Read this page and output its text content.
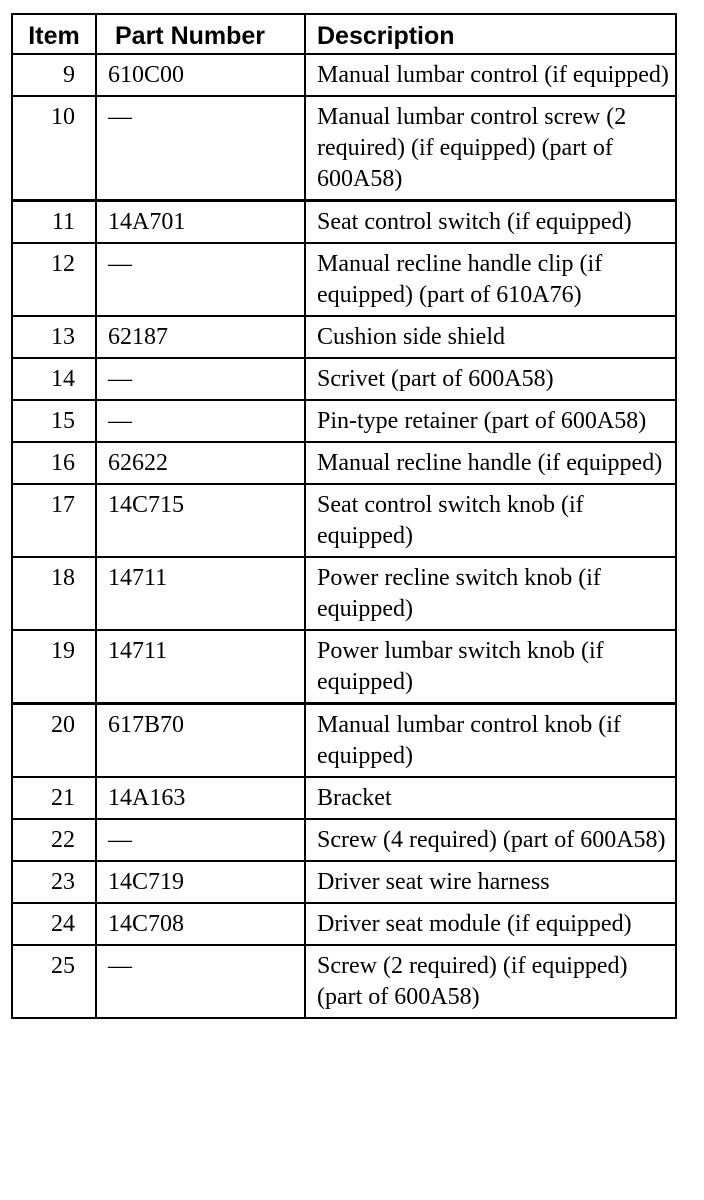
Item	Part Number	Description
9	610C00	Manual lumbar control (if equipped)
10	—	Manual lumbar control screw (2 required) (if equipped) (part of 600A58)
11	14A701	Seat control switch (if equipped)
12	—	Manual recline handle clip (if equipped) (part of 610A76)
13	62187	Cushion side shield
14	—	Scrivet (part of 600A58)
15	—	Pin-type retainer (part of 600A58)
16	62622	Manual recline handle (if equipped)
17	14C715	Seat control switch knob (if equipped)
18	14711	Power recline switch knob (if equipped)
19	14711	Power lumbar switch knob (if equipped)
20	617B70	Manual lumbar control knob (if equipped)
21	14A163	Bracket
22	—	Screw (4 required) (part of 600A58)
23	14C719	Driver seat wire harness
24	14C708	Driver seat module (if equipped)
25	—	Screw (2 required) (if equipped) (part of 600A58)
